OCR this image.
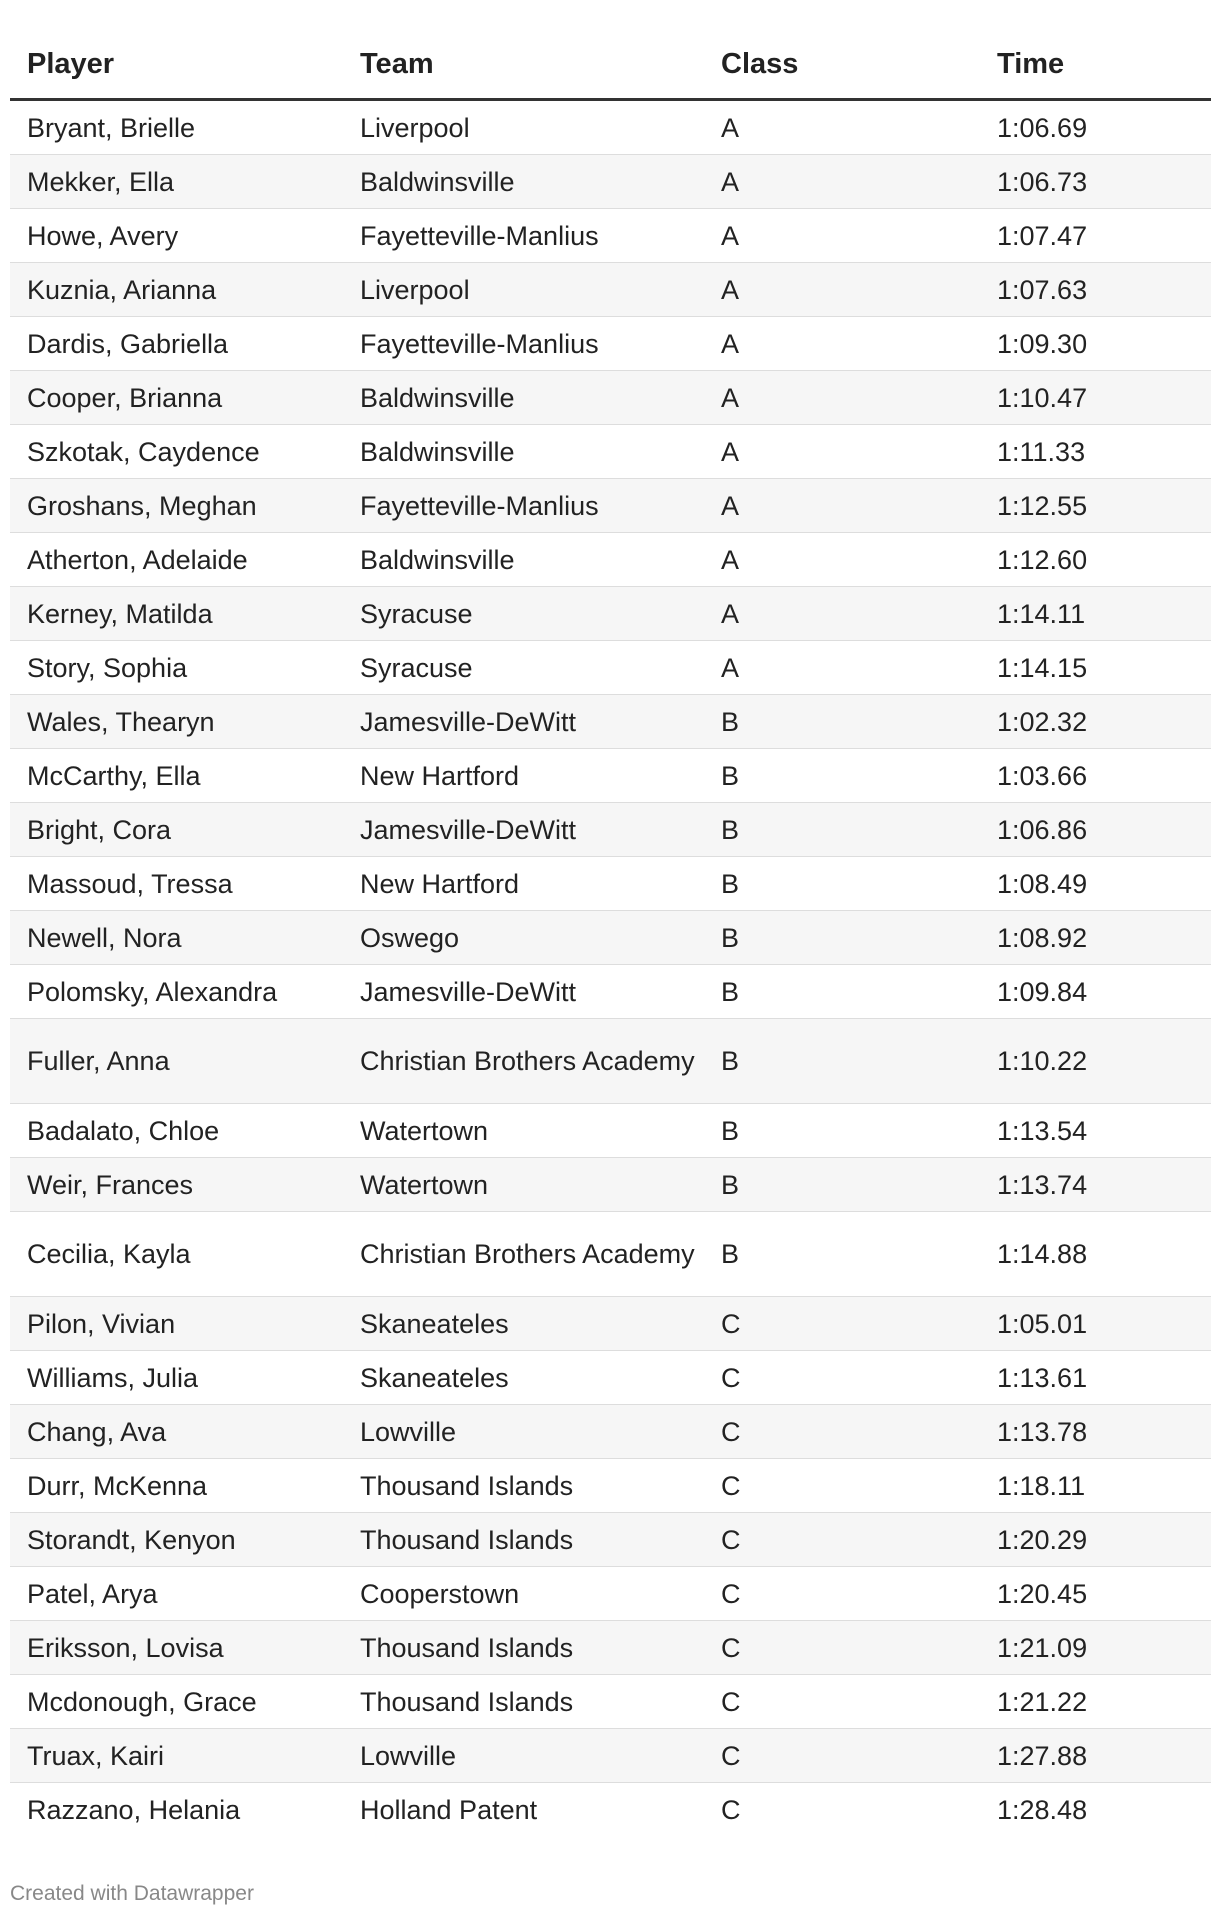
Player	Team	Class	Time
Bryant, Brielle	Liverpool	A	1:06.69
Mekker, Ella	Baldwinsville	A	1:06.73
Howe, Avery	Fayetteville-Manlius	A	1:07.47
Kuznia, Arianna	Liverpool	A	1:07.63
Dardis, Gabriella	Fayetteville-Manlius	A	1:09.30
Cooper, Brianna	Baldwinsville	A	1:10.47
Szkotak, Caydence	Baldwinsville	A	1:11.33
Groshans, Meghan	Fayetteville-Manlius	A	1:12.55
Atherton, Adelaide	Baldwinsville	A	1:12.60
Kerney, Matilda	Syracuse	A	1:14.11
Story, Sophia	Syracuse	A	1:14.15
Wales, Thearyn	Jamesville-DeWitt	B	1:02.32
McCarthy, Ella	New Hartford	B	1:03.66
Bright, Cora	Jamesville-DeWitt	B	1:06.86
Massoud, Tressa	New Hartford	B	1:08.49
Newell, Nora	Oswego	B	1:08.92
Polomsky, Alexandra	Jamesville-DeWitt	B	1:09.84
Fuller, Anna	Christian Brothers Academy	B	1:10.22
Badalato, Chloe	Watertown	B	1:13.54
Weir, Frances	Watertown	B	1:13.74
Cecilia, Kayla	Christian Brothers Academy	B	1:14.88
Pilon, Vivian	Skaneateles	C	1:05.01
Williams, Julia	Skaneateles	C	1:13.61
Chang, Ava	Lowville	C	1:13.78
Durr, McKenna	Thousand Islands	C	1:18.11
Storandt, Kenyon	Thousand Islands	C	1:20.29
Patel, Arya	Cooperstown	C	1:20.45
Eriksson, Lovisa	Thousand Islands	C	1:21.09
Mcdonough, Grace	Thousand Islands	C	1:21.22
Truax, Kairi	Lowville	C	1:27.88
Razzano, Helania	Holland Patent	C	1:28.48
Created with Datawrapper
